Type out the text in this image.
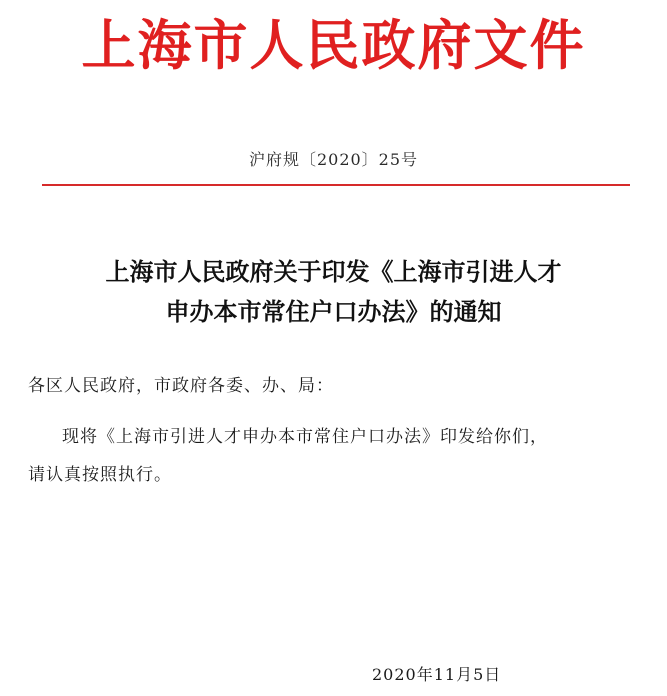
上海市人民政府文件
沪府规〔2020〕25号
上海市人民政府关于印发《上海市引进人才
申办本市常住户口办法》的通知
各区人民政府，市政府各委、办、局：
现将《上海市引进人才申办本市常住户口办法》印发给你们，
请认真按照执行。
2020年11月5日
